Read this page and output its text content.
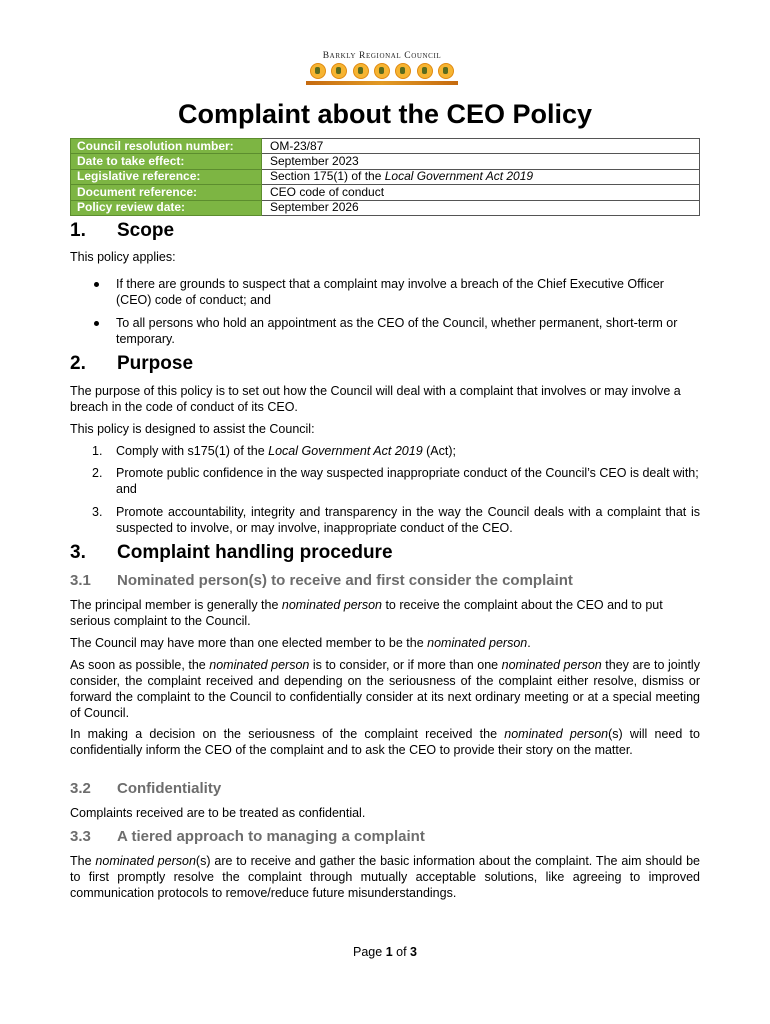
Barkly Regional Council
Complaint about the CEO Policy
Council resolution number:	OM-23/87
Date to take effect:	September 2023
Legislative reference:	Section 175(1) of the Local Government Act 2019
Document reference:	CEO code of conduct
Policy review date:	September 2026
1. Scope
This policy applies:
If there are grounds to suspect that a complaint may involve a breach of the Chief Executive Officer (CEO) code of conduct; and
To all persons who hold an appointment as the CEO of the Council, whether permanent, short-term or temporary.
2. Purpose
The purpose of this policy is to set out how the Council will deal with a complaint that involves or may involve a breach in the code of conduct of its CEO.
This policy is designed to assist the Council:
1.	Comply with s175(1) of the Local Government Act 2019 (Act);
2.	Promote public confidence in the way suspected inappropriate conduct of the Council’s CEO is dealt with; and
3.	Promote accountability, integrity and transparency in the way the Council deals with a complaint that is suspected to involve, or may involve, inappropriate conduct of the CEO.
3. Complaint handling procedure
3.1 Nominated person(s) to receive and first consider the complaint
The principal member is generally the nominated person to receive the complaint about the CEO and to put serious complaint to the Council.
The Council may have more than one elected member to be the nominated person.
As soon as possible, the nominated person is to consider, or if more than one nominated person they are to jointly consider, the complaint received and depending on the seriousness of the complaint either resolve, dismiss or forward the complaint to the Council to confidentially consider at its next ordinary meeting or at a special meeting of Council.
In making a decision on the seriousness of the complaint received the nominated person(s) will need to confidentially inform the CEO of the complaint and to ask the CEO to provide their story on the matter.
3.2 Confidentiality
Complaints received are to be treated as confidential.
3.3 A tiered approach to managing a complaint
The nominated person(s) are to receive and gather the basic information about the complaint. The aim should be to first promptly resolve the complaint through mutually acceptable solutions, like agreeing to improved communication protocols to remove/reduce future misunderstandings.
Page 1 of 3
